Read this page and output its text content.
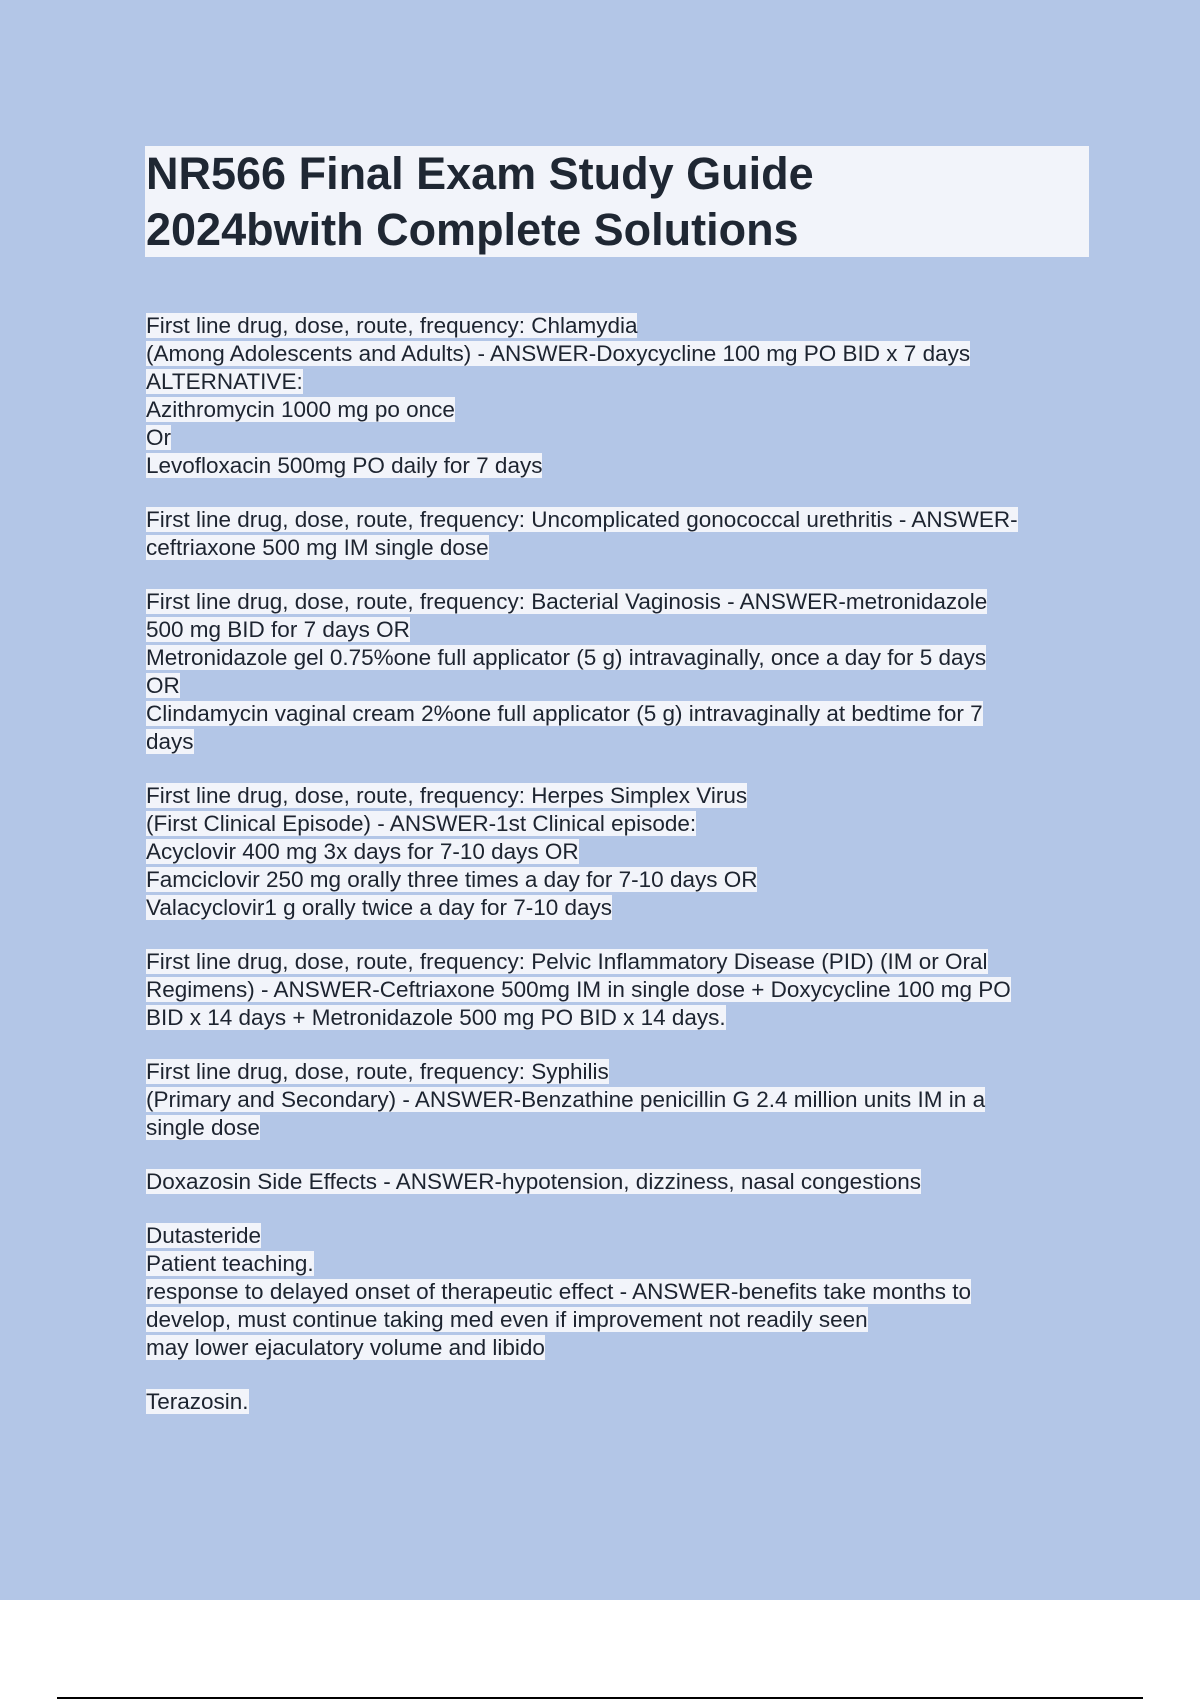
NR566 Final Exam Study Guide
2024bwith Complete Solutions
First line drug, dose, route, frequency: Chlamydia
(Among Adolescents and Adults) - ANSWER-Doxycycline 100 mg PO BID x 7 days
ALTERNATIVE:
Azithromycin 1000 mg po once
Or
Levofloxacin 500mg PO daily for 7 days
First line drug, dose, route, frequency: Uncomplicated gonococcal urethritis - ANSWER-
ceftriaxone 500 mg IM single dose
First line drug, dose, route, frequency: Bacterial Vaginosis - ANSWER-metronidazole
500 mg BID for 7 days OR
Metronidazole gel 0.75%one full applicator (5 g) intravaginally, once a day for 5 days
OR
Clindamycin vaginal cream 2%one full applicator (5 g) intravaginally at bedtime for 7
days
First line drug, dose, route, frequency: Herpes Simplex Virus
(First Clinical Episode) - ANSWER-1st Clinical episode:
Acyclovir 400 mg 3x days for 7-10 days OR
Famciclovir 250 mg orally three times a day for 7-10 days OR
Valacyclovir1 g orally twice a day for 7-10 days
First line drug, dose, route, frequency: Pelvic Inflammatory Disease (PID) (IM or Oral
Regimens) - ANSWER-Ceftriaxone 500mg IM in single dose + Doxycycline 100 mg PO
BID x 14 days + Metronidazole 500 mg PO BID x 14 days.
First line drug, dose, route, frequency: Syphilis
(Primary and Secondary) - ANSWER-Benzathine penicillin G 2.4 million units IM in a
single dose
Doxazosin Side Effects - ANSWER-hypotension, dizziness, nasal congestions
Dutasteride
Patient teaching.
response to delayed onset of therapeutic effect - ANSWER-benefits take months to
develop, must continue taking med even if improvement not readily seen
may lower ejaculatory volume and libido
Terazosin.
